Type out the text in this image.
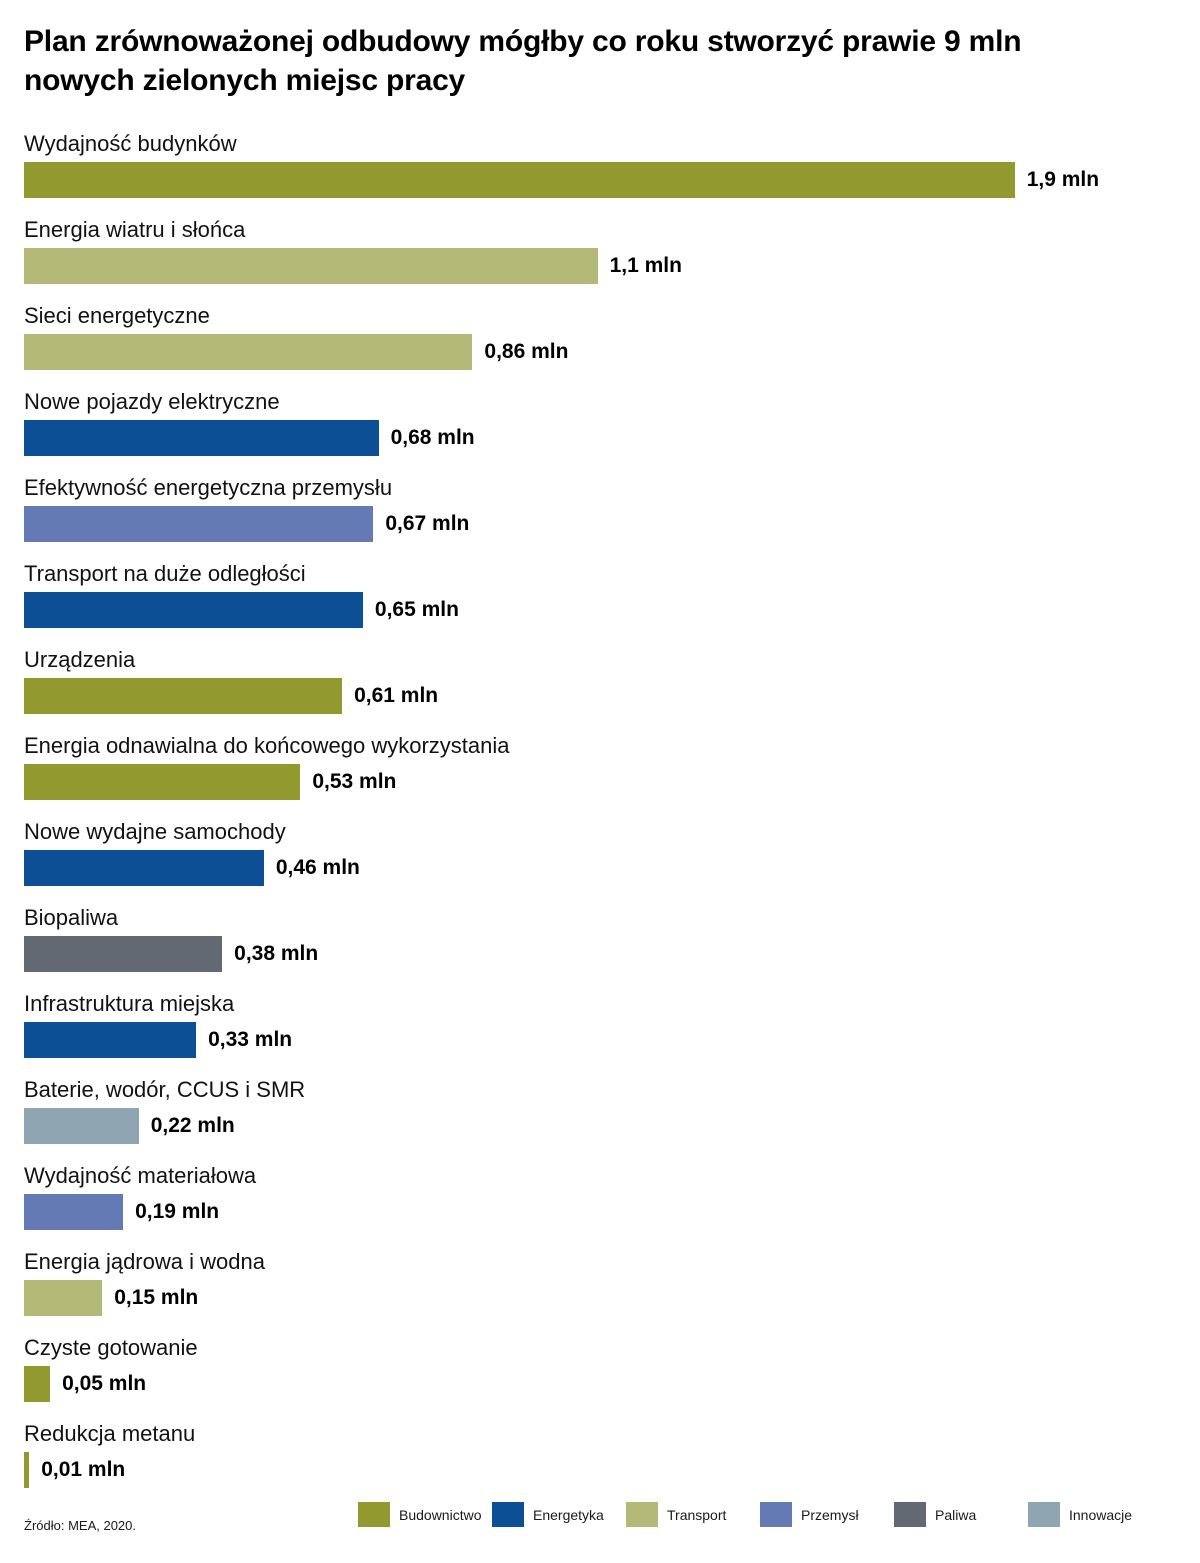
Plan zrównoważonej odbudowy mógłby co roku stworzyć prawie 9 mln nowych zielonych miejsc pracy
Wydajność budynków
1,9 mln
Energia wiatru i słońca
1,1 mln
Sieci energetyczne
0,86 mln
Nowe pojazdy elektryczne
0,68 mln
Efektywność energetyczna przemysłu
0,67 mln
Transport na duże odległości
0,65 mln
Urządzenia
0,61 mln
Energia odnawialna do końcowego wykorzystania
0,53 mln
Nowe wydajne samochody
0,46 mln
Biopaliwa
0,38 mln
Infrastruktura miejska
0,33 mln
Baterie, wodór, CCUS i SMR
0,22 mln
Wydajność materiałowa
0,19 mln
Energia jądrowa i wodna
0,15 mln
Czyste gotowanie
0,05 mln
Redukcja metanu
0,01 mln
Źródło: MEA, 2020.
Budownictwo	Energetyka	Transport	Przemysł	Paliwa	Innowacje
